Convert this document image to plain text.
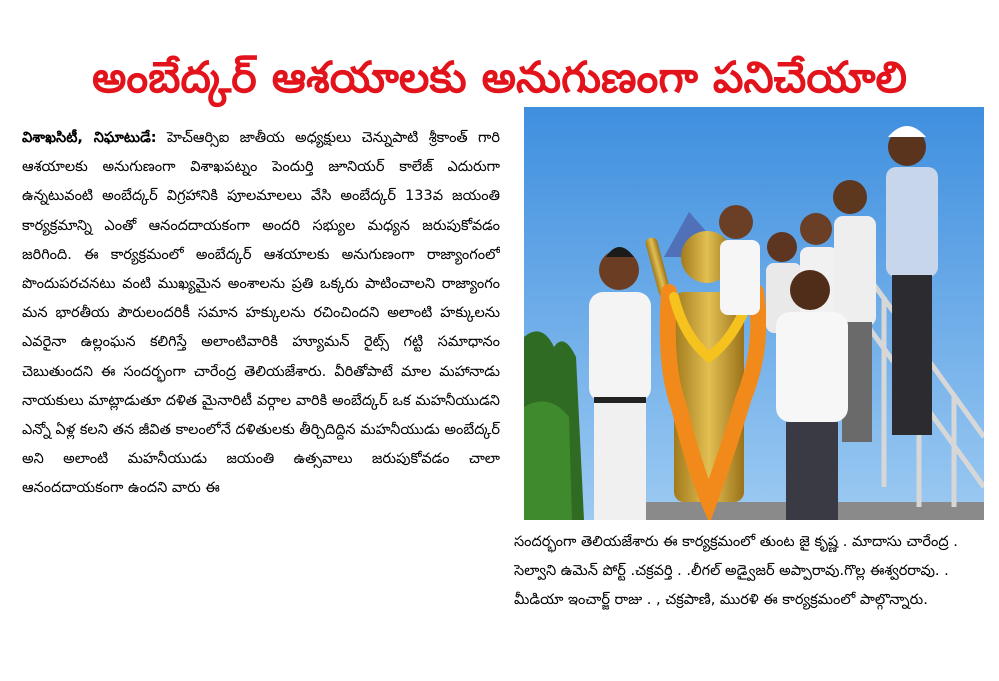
అంబేద్కర్ ఆశయాలకు అనుగుణంగా పనిచేయాలి

విశాఖసిటీ, నిఘాటుడే: హెచ్ఆర్సిఐ జాతీయ అధ్యక్షులు చెన్నుపాటి శ్రీకాంత్ గారి ఆశయాలకు అనుగుణంగా విశాఖపట్నం పెందుర్తి జూనియర్ కాలేజ్ ఎదురుగా ఉన్నటువంటి అంబేద్కర్ విగ్రహానికి పూలమాలలు వేసి అంబేద్కర్ 133వ జయంతి కార్యక్రమాన్ని ఎంతో ఆనందదాయకంగా అందరి సభ్యుల మధ్యన జరుపుకోవడం జరిగింది. ఈ కార్యక్రమంలో అంబేద్కర్ ఆశయాలకు అనుగుణంగా రాజ్యాంగంలో పొందుపరచనటు వంటి ముఖ్యమైన అంశాలను ప్రతి ఒక్కరు పాటించాలని రాజ్యాంగం మన భారతీయ పౌరులందరికీ సమాన హక్కులను రచించిందని అలాంటి హక్కులను ఎవరైనా ఉల్లంఘన కలిగిస్తే అలాంటివారికి హ్యూమన్ రైట్స్ గట్టి సమాధానం చెబుతుందని ఈ సందర్భంగా చారేంద్ర తెలియజేశారు. వీరితోపాటే మాల మహానాడు నాయకులు మాట్లాడుతూ దళిత మైనారిటీ వర్గాల వారికి అంబేద్కర్ ఒక మహనీయుడని ఎన్నో ఏళ్ల కలని తన జీవిత కాలంలోనే దళితులకు తీర్చిదిద్దిన మహనీయుడు అంబేద్కర్ అని అలాంటి మహనీయుడు జయంతి ఉత్సవాలు జరుపుకోవడం చాలా ఆనందదాయకంగా ఉందని వారు ఈ

సందర్భంగా తెలియజేశారు ఈ కార్యక్రమంలో తుంట జై కృష్ణ . మాదాసు చారేంద్ర . సెల్వాని ఉమెన్ పోర్ట్ .చక్రవర్తి . .లీగల్ అడ్వైజర్ అప్పారావు.గొల్ల ఈశ్వరరావు. . మీడియా ఇంచార్జ్ రాజు . , చక్రపాణి, మురళి ఈ కార్యక్రమంలో పాల్గొన్నారు.
